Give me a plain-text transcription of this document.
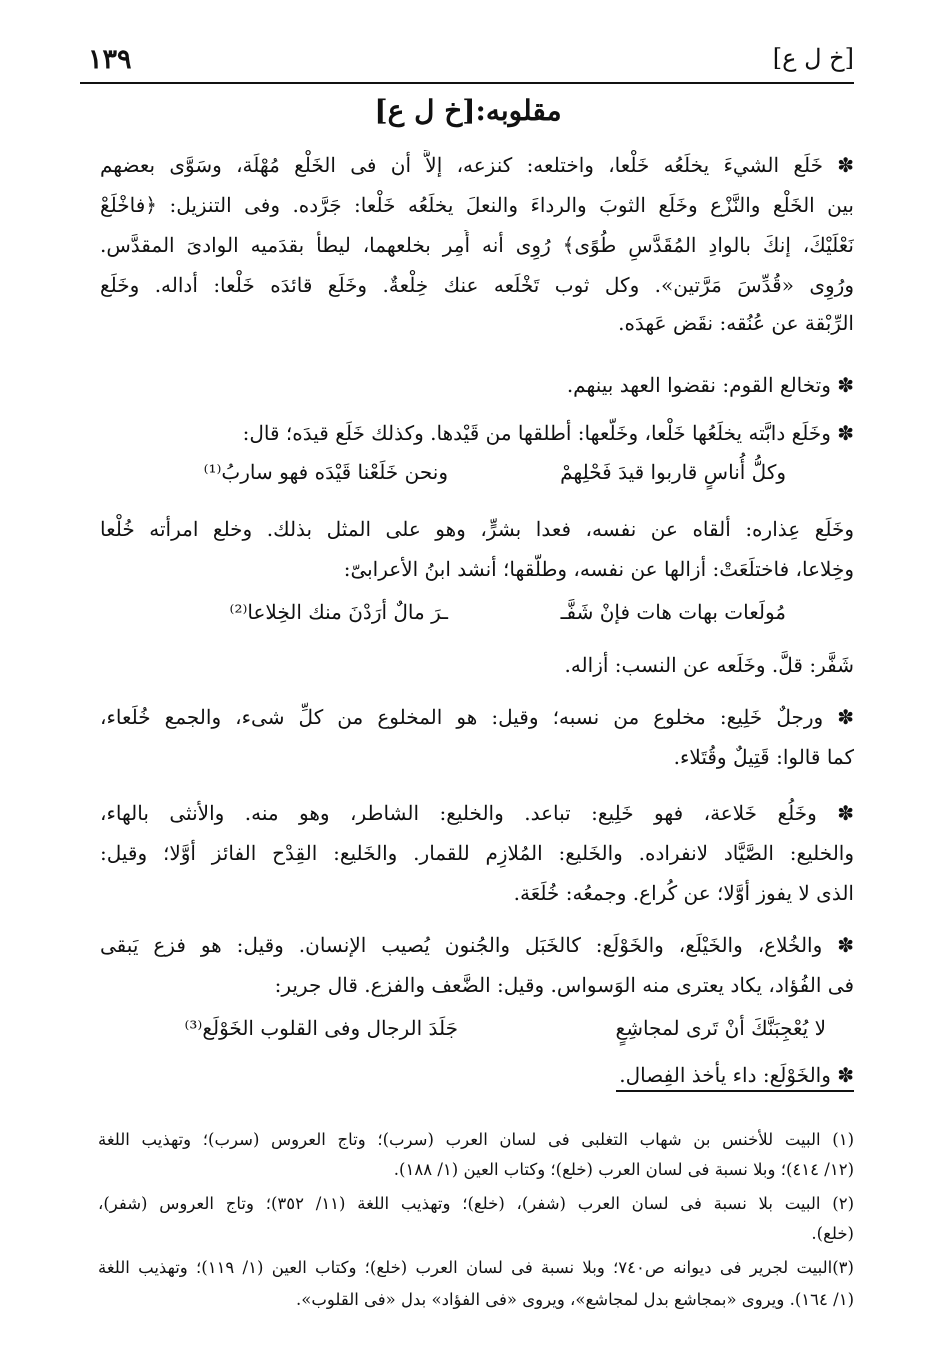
١٣٩	[خ ل ع]
مقلوبه:[خ ل ع]
✽ خَلَع الشيءَ يخلَعُه خَلْعا، واختلعه: كنزعه، إلاَّ أن فى الخَلْع مُهْلَة، وسَوَّى بعضهم
بين الخَلْع والنَّزْع وخَلَع الثوبَ والرداءَ والنعلَ يخلَعُه خَلْعا: جَرَّده. وفى التنزيل: ﴿فاخْلَعْ
نَعْلَيْكَ، إنكَ بالوادِ المُقَدَّسِ طُوًى﴾ رُوِى أنه أُمِر بخلعهما، ليطأ بقدَميه الوادىَ المقدَّس.
ورُوِى «قُدِّسَ مَرَّتين». وكل ثوب تَخْلَعه عنك خِلْعةٌ. وخَلَع قائدَه خَلْعا: أداله. وخَلَع
الرِّبْقة عن عُنُقه: نقَض عَهدَه.
✽ وتخالع القوم: نقضوا العهد بينهم.
✽ وخَلَع دابَّته يخلَعُها خَلْعا، وخَلَّعها: أطلقها من قَيْدها. وكذلك خَلَع قيدَه؛ قال:
وكلُّ أُناسٍ قاربوا قيدَ فَحْلِهمْ
ونحن خَلَعْنا قَيْدَه فهو ساربُ⁽¹⁾
وخَلَع عِذاره: ألقاه عن نفسه، فعدا بشرٍّ، وهو على المثل بذلك. وخلع امرأته خُلْعا
وخِلاعا، فاختلَعَتْ: أزالها عن نفسه، وطلَّقها؛ أنشد ابنُ الأعرابىّ:
مُولَعات بهات هات فإنْ شَفَّـ
ـرَ مالٌ أرَدْنَ منك الخِلاعا⁽²⁾
شَفَّر: قلَّ. وخَلَعه عن النسب: أزاله.
✽ ورجلٌ خَلِيع: مخلوع من نسبه؛ وقيل: هو المخلوع من كلِّ شىء، والجمع خُلَعاء،
كما قالوا: قَتِيلٌ وقُتَلاء.
✽ وخَلُع خَلاعة، فهو خَلِيع: تباعد. والخليع: الشاطر، وهو منه. والأنثى بالهاء،
والخليع: الصَّيَّاد لانفراده. والخَليع: المُلازِم للقمار. والخَليع: القِدْح الفائز أوَّلا؛ وقيل:
الذى لا يفوز أوَّلا؛ عن كُراع. وجمعُه: خُلَعَة.
✽ والخُلاع، والخَيْلَع، والخَوْلَع: كالخَبَل والجُنون يُصيب الإنسان. وقيل: هو فزع يَبقى
فى الفُؤاد، يكاد يعترى منه الوَسواس. وقيل: الضَّعف والفزع. قال جرير:
لا يُعْجِبَنَّكَ أنْ تَرى لمجاشِعٍ
جَلَدَ الرجال وفى القلوب الخَوْلَع⁽³⁾
✽ والخَوْلَع: داء يأخذ الفِصال.
(١) البيت للأخنس بن شهاب التغلبى فى لسان العرب (سرب)؛ وتاج العروس (سرب)؛ وتهذيب اللغة
(١٢/ ٤١٤)؛ وبلا نسبة فى لسان العرب (خلع)؛ وكتاب العين (١/ ١٨٨).
(٢) البيت بلا نسبة فى لسان العرب (شفر)، (خلع)؛ وتهذيب اللغة (١١/ ٣٥٢)؛ وتاج العروس (شفر)،
(خلع).
(٣)البيت لجرير فى ديوانه ص٧٤٠؛ وبلا نسبة فى لسان العرب (خلع)؛ وكتاب العين (١/ ١١٩)؛ وتهذيب اللغة
(١/ ١٦٤). ويروى «بمجاشع بدل لمجاشع»، ويروى «فى الفؤاد» بدل «فى القلوب».
